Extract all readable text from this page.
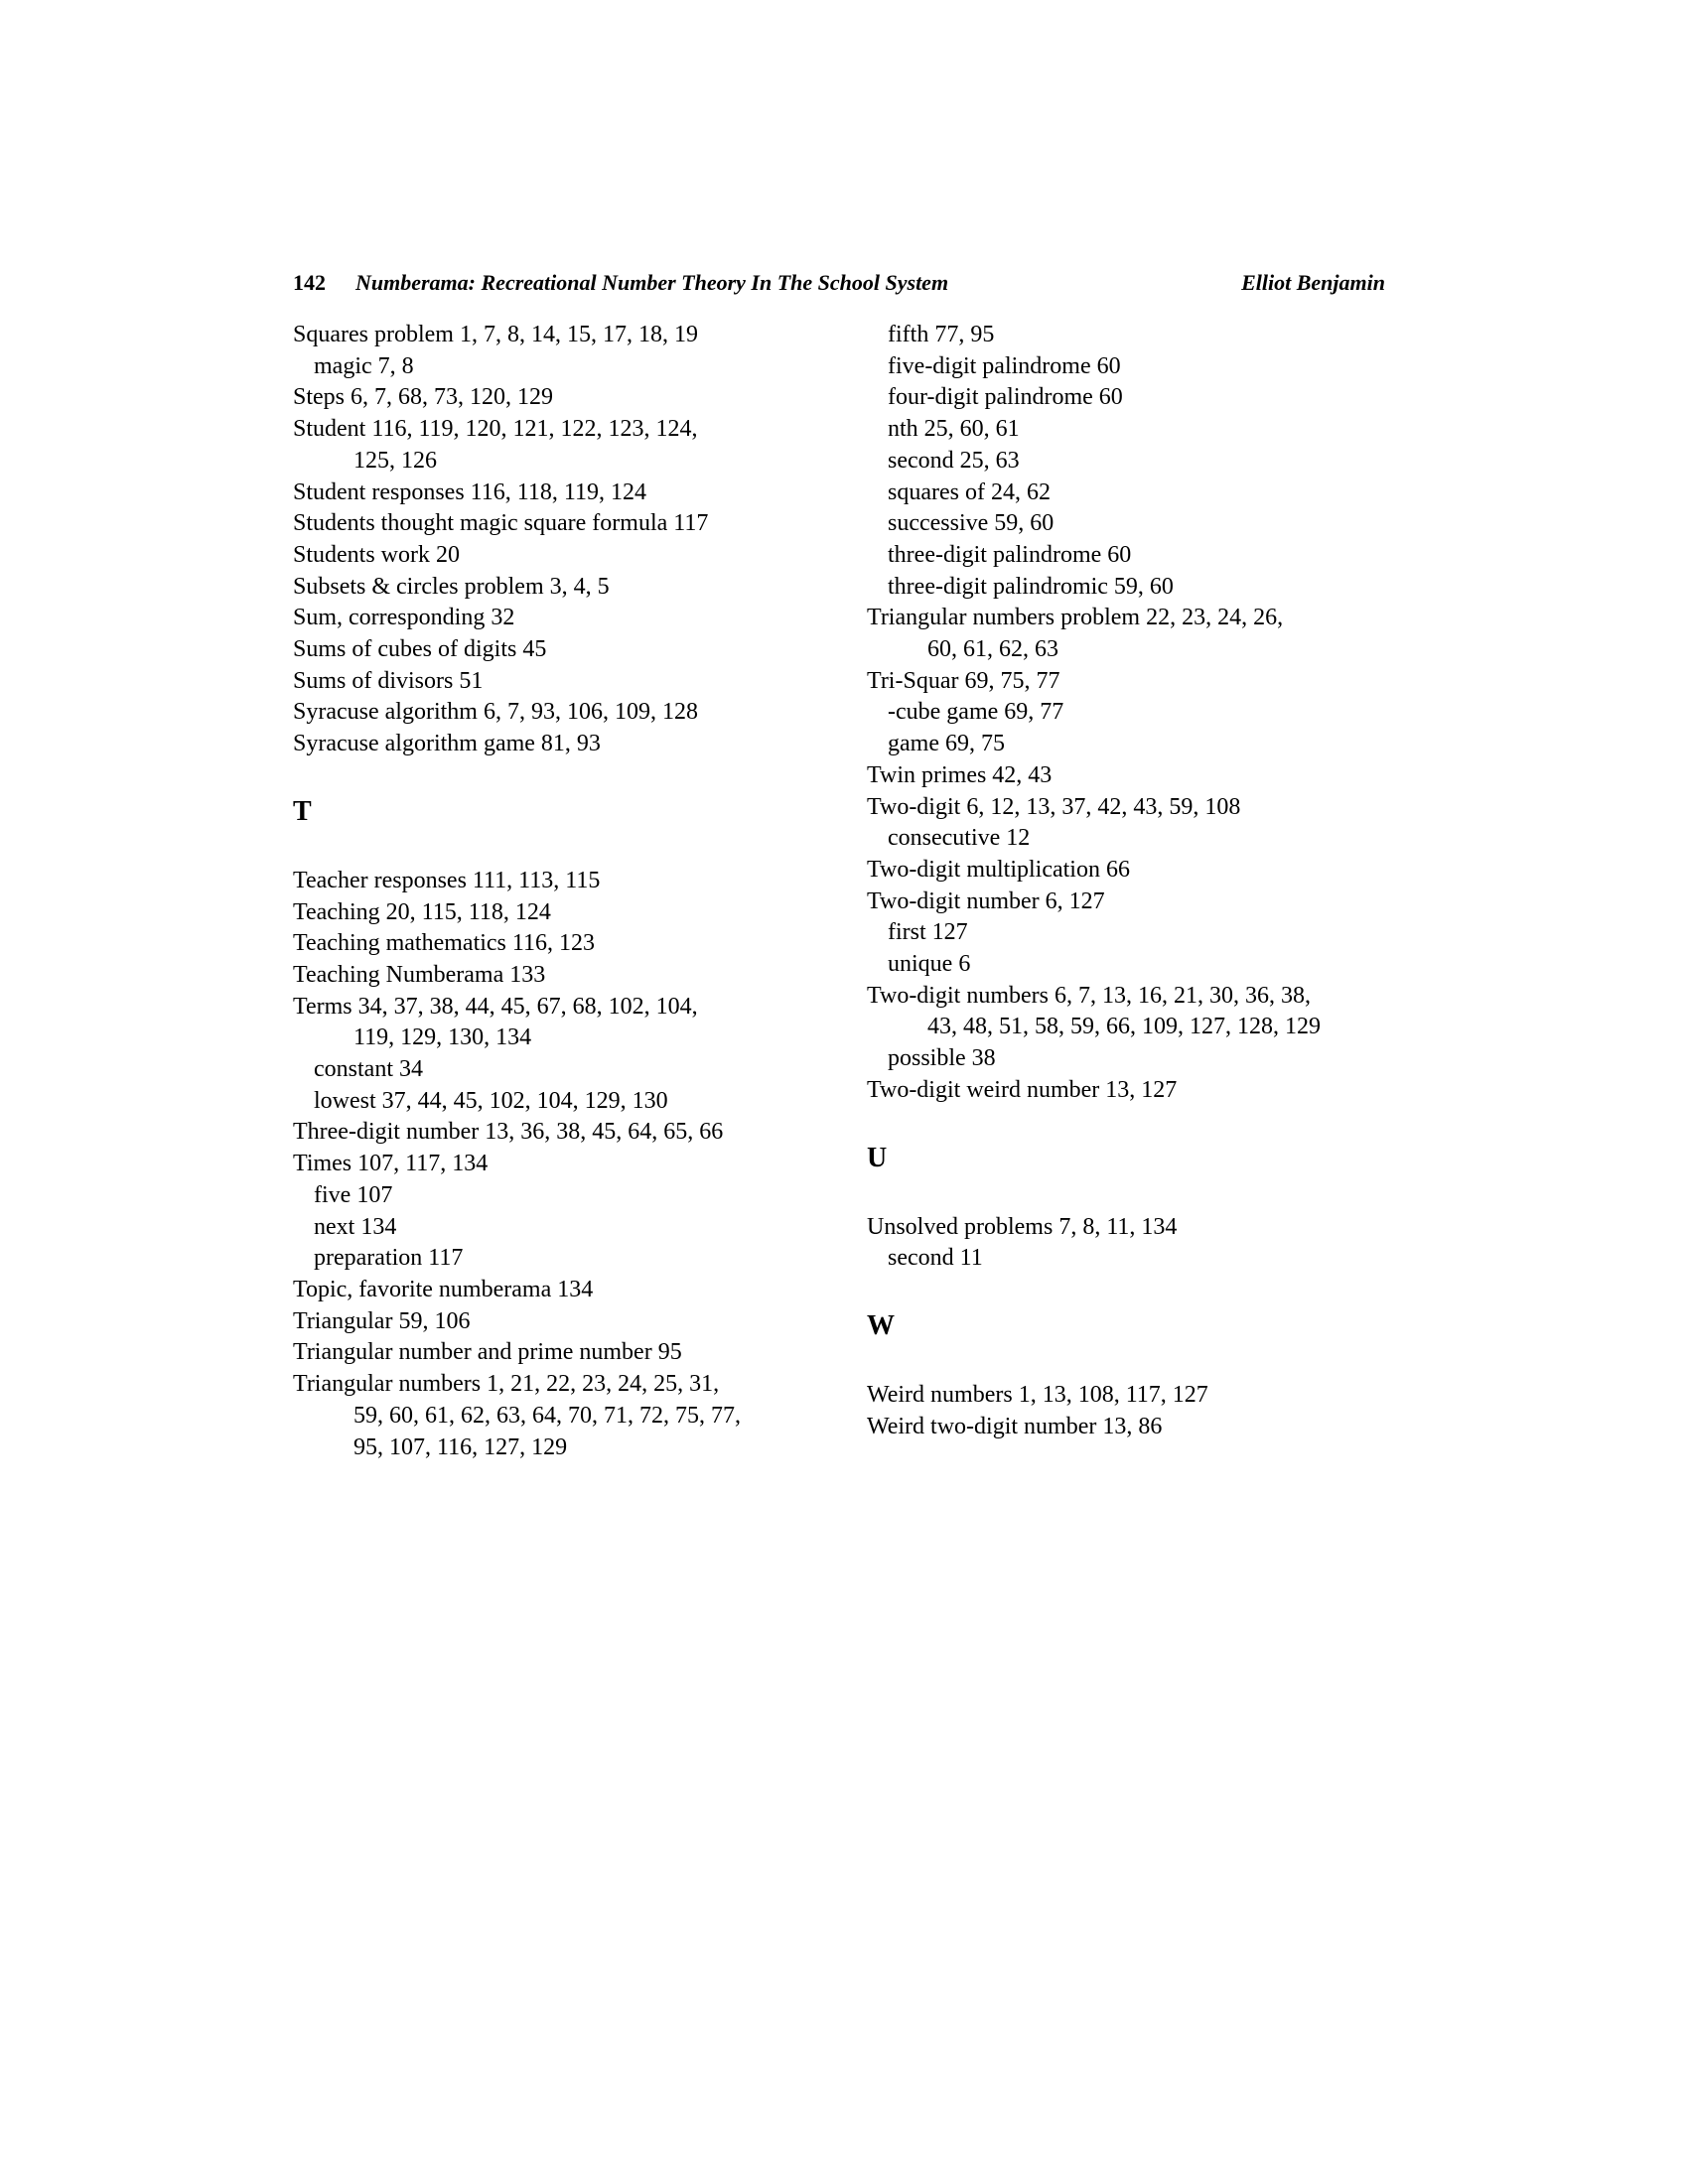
142 Numberama: Recreational Number Theory In The School System	Elliot Benjamin
Squares problem 1, 7, 8, 14, 15, 17, 18, 19
magic 7, 8
Steps 6, 7, 68, 73, 120, 129
Student 116, 119, 120, 121, 122, 123, 124,
125, 126
Student responses 116, 118, 119, 124
Students thought magic square formula 117
Students work 20
Subsets & circles problem 3, 4, 5
Sum, corresponding 32
Sums of cubes of digits 45
Sums of divisors 51
Syracuse algorithm 6, 7, 93, 106, 109, 128
Syracuse algorithm game 81, 93
T
Teacher responses 111, 113, 115
Teaching 20, 115, 118, 124
Teaching mathematics 116, 123
Teaching Numberama 133
Terms 34, 37, 38, 44, 45, 67, 68, 102, 104,
119, 129, 130, 134
constant 34
lowest 37, 44, 45, 102, 104, 129, 130
Three-digit number 13, 36, 38, 45, 64, 65, 66
Times 107, 117, 134
five 107
next 134
preparation 117
Topic, favorite numberama 134
Triangular 59, 106
Triangular number and prime number 95
Triangular numbers 1, 21, 22, 23, 24, 25, 31,
59, 60, 61, 62, 63, 64, 70, 71, 72, 75, 77,
95, 107, 116, 127, 129
fifth 77, 95
five-digit palindrome 60
four-digit palindrome 60
nth 25, 60, 61
second 25, 63
squares of 24, 62
successive 59, 60
three-digit palindrome 60
three-digit palindromic 59, 60
Triangular numbers problem 22, 23, 24, 26,
60, 61, 62, 63
Tri-Squar 69, 75, 77
-cube game 69, 77
game 69, 75
Twin primes 42, 43
Two-digit 6, 12, 13, 37, 42, 43, 59, 108
consecutive 12
Two-digit multiplication 66
Two-digit number 6, 127
first 127
unique 6
Two-digit numbers 6, 7, 13, 16, 21, 30, 36, 38,
43, 48, 51, 58, 59, 66, 109, 127, 128, 129
possible 38
Two-digit weird number 13, 127
U
Unsolved problems 7, 8, 11, 134
second 11
W
Weird numbers 1, 13, 108, 117, 127
Weird two-digit number 13, 86
